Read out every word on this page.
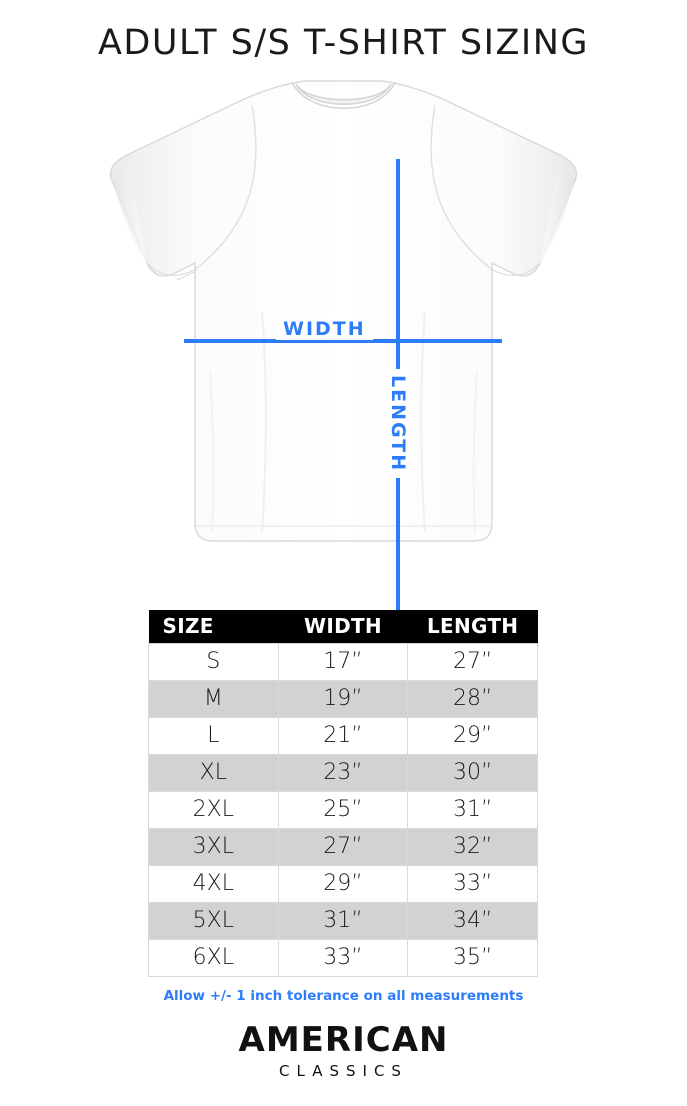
ADULT S/S T-SHIRT SIZING
WIDTH
LENGTH
SIZE	WIDTH	LENGTH
S	17”	27”
M	19”	28”
L	21”	29”
XL	23”	30”
2XL	25”	31”
3XL	27”	32”
4XL	29”	33”
5XL	31”	34”
6XL	33”	35”
Allow +/- 1 inch tolerance on all measurements
AMERICAN
CLASSICS
